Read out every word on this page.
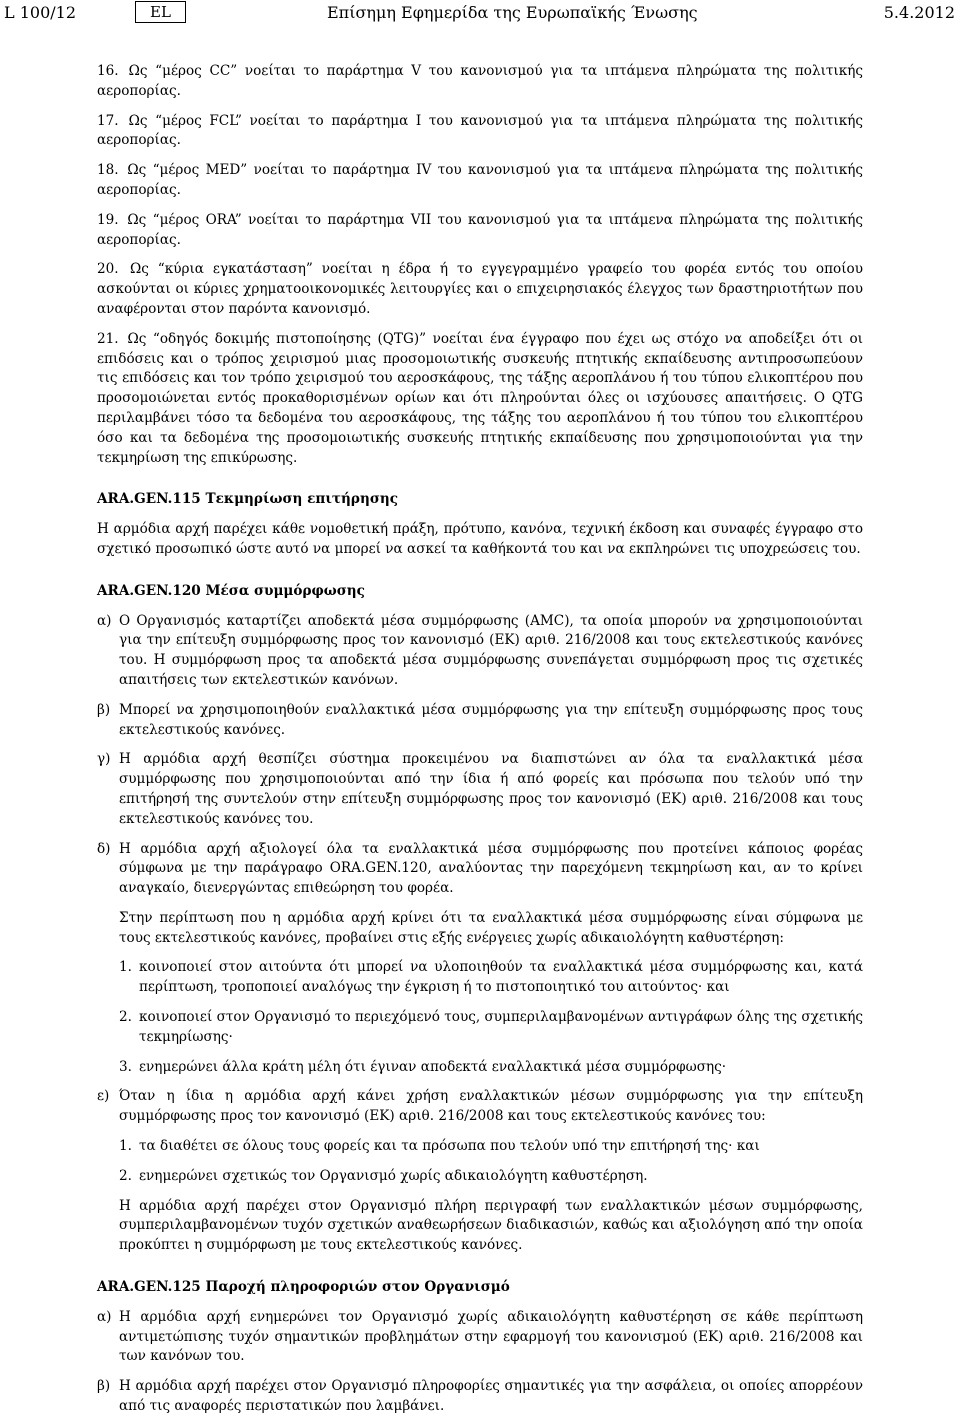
L 100/12	EL	Επίσημη Εφημερίδα της Ευρωπαϊκής Ένωσης	5.4.2012

16. Ως “μέρος CC” νοείται το παράρτημα V του κανονισμού για τα ιπτάμενα πληρώματα της πολιτικής αεροπορίας.

17. Ως “μέρος FCL” νοείται το παράρτημα I του κανονισμού για τα ιπτάμενα πληρώματα της πολιτικής αεροπορίας.

18. Ως “μέρος MED” νοείται το παράρτημα IV του κανονισμού για τα ιπτάμενα πληρώματα της πολιτικής αεροπορίας.

19. Ως “μέρος ORA” νοείται το παράρτημα VII του κανονισμού για τα ιπτάμενα πληρώματα της πολιτικής αεροπορίας.

20. Ως “κύρια εγκατάσταση” νοείται η έδρα ή το εγγεγραμμένο γραφείο του φορέα εντός του οποίου ασκούνται οι κύριες χρηματοοικονομικές λειτουργίες και ο επιχειρησιακός έλεγχος των δραστηριοτήτων που αναφέρονται στον παρόντα κανονισμό.

21. Ως “οδηγός δοκιμής πιστοποίησης (QTG)” νοείται ένα έγγραφο που έχει ως στόχο να αποδείξει ότι οι επιδόσεις και ο τρόπος χειρισμού μιας προσομοιωτικής συσκευής πτητικής εκπαίδευσης αντιπροσωπεύουν τις επιδόσεις και τον τρόπο χειρισμού του αεροσκάφους, της τάξης αεροπλάνου ή του τύπου ελικοπτέρου που προσομοιώνεται εντός προκαθορισμένων ορίων και ότι πληρούνται όλες οι ισχύουσες απαιτήσεις. Ο QTG περιλαμβάνει τόσο τα δεδομένα του αεροσκάφους, της τάξης του αεροπλάνου ή του τύπου του ελικοπτέρου όσο και τα δεδομένα της προσομοιωτικής συσκευής πτητικής εκπαίδευσης που χρησιμοποιούνται για την τεκμηρίωση της επικύρωσης.

ARA.GEN.115 Τεκμηρίωση επιτήρησης

Η αρμόδια αρχή παρέχει κάθε νομοθετική πράξη, πρότυπο, κανόνα, τεχνική έκδοση και συναφές έγγραφο στο σχετικό προσωπικό ώστε αυτό να μπορεί να ασκεί τα καθήκοντά του και να εκπληρώνει τις υποχρεώσεις του.

ARA.GEN.120 Μέσα συμμόρφωσης

α) Ο Οργανισμός καταρτίζει αποδεκτά μέσα συμμόρφωσης (AMC), τα οποία μπορούν να χρησιμοποιούνται για την επίτευξη συμμόρφωσης προς τον κανονισμό (ΕΚ) αριθ. 216/2008 και τους εκτελεστικούς κανόνες του. Η συμμόρφωση προς τα αποδεκτά μέσα συμμόρφωσης συνεπάγεται συμμόρφωση προς τις σχετικές απαιτήσεις των εκτελεστικών κανόνων.
β) Μπορεί να χρησιμοποιηθούν εναλλακτικά μέσα συμμόρφωσης για την επίτευξη συμμόρφωσης προς τους εκτελεστικούς κανόνες.
γ) Η αρμόδια αρχή θεσπίζει σύστημα προκειμένου να διαπιστώνει αν όλα τα εναλλακτικά μέσα συμμόρφωσης που χρησιμοποιούνται από την ίδια ή από φορείς και πρόσωπα που τελούν υπό την επιτήρησή της συντελούν στην επίτευξη συμμόρφωσης προς τον κανονισμό (ΕΚ) αριθ. 216/2008 και τους εκτελεστικούς κανόνες του.
δ) Η αρμόδια αρχή αξιολογεί όλα τα εναλλακτικά μέσα συμμόρφωσης που προτείνει κάποιος φορέας σύμφωνα με την παράγραφο ORA.GEN.120, αναλύοντας την παρεχόμενη τεκμηρίωση και, αν το κρίνει αναγκαίο, διενεργώντας επιθεώρηση του φορέα.

Στην περίπτωση που η αρμόδια αρχή κρίνει ότι τα εναλλακτικά μέσα συμμόρφωσης είναι σύμφωνα με τους εκτελεστικούς κανόνες, προβαίνει στις εξής ενέργειες χωρίς αδικαιολόγητη καθυστέρηση:

1. κοινοποιεί στον αιτούντα ότι μπορεί να υλοποιηθούν τα εναλλακτικά μέσα συμμόρφωσης και, κατά περίπτωση, τροποποιεί αναλόγως την έγκριση ή το πιστοποιητικό του αιτούντος· και
2. κοινοποιεί στον Οργανισμό το περιεχόμενό τους, συμπεριλαμβανομένων αντιγράφων όλης της σχετικής τεκμηρίωσης·
3. ενημερώνει άλλα κράτη μέλη ότι έγιναν αποδεκτά εναλλακτικά μέσα συμμόρφωσης·
ε) Όταν η ίδια η αρμόδια αρχή κάνει χρήση εναλλακτικών μέσων συμμόρφωσης για την επίτευξη συμμόρφωσης προς τον κανονισμό (ΕΚ) αριθ. 216/2008 και τους εκτελεστικούς κανόνες του:
1. τα διαθέτει σε όλους τους φορείς και τα πρόσωπα που τελούν υπό την επιτήρησή της· και
2. ενημερώνει σχετικώς τον Οργανισμό χωρίς αδικαιολόγητη καθυστέρηση.

Η αρμόδια αρχή παρέχει στον Οργανισμό πλήρη περιγραφή των εναλλακτικών μέσων συμμόρφωσης, συμπεριλαμβανομένων τυχόν σχετικών αναθεωρήσεων διαδικασιών, καθώς και αξιολόγηση από την οποία προκύπτει η συμμόρφωση με τους εκτελεστικούς κανόνες.

ARA.GEN.125 Παροχή πληροφοριών στον Οργανισμό

α) Η αρμόδια αρχή ενημερώνει τον Οργανισμό χωρίς αδικαιολόγητη καθυστέρηση σε κάθε περίπτωση αντιμετώπισης τυχόν σημαντικών προβλημάτων στην εφαρμογή του κανονισμού (ΕΚ) αριθ. 216/2008 και των κανόνων του.
β) Η αρμόδια αρχή παρέχει στον Οργανισμό πληροφορίες σημαντικές για την ασφάλεια, οι οποίες απορρέουν από τις αναφορές περιστατικών που λαμβάνει.
